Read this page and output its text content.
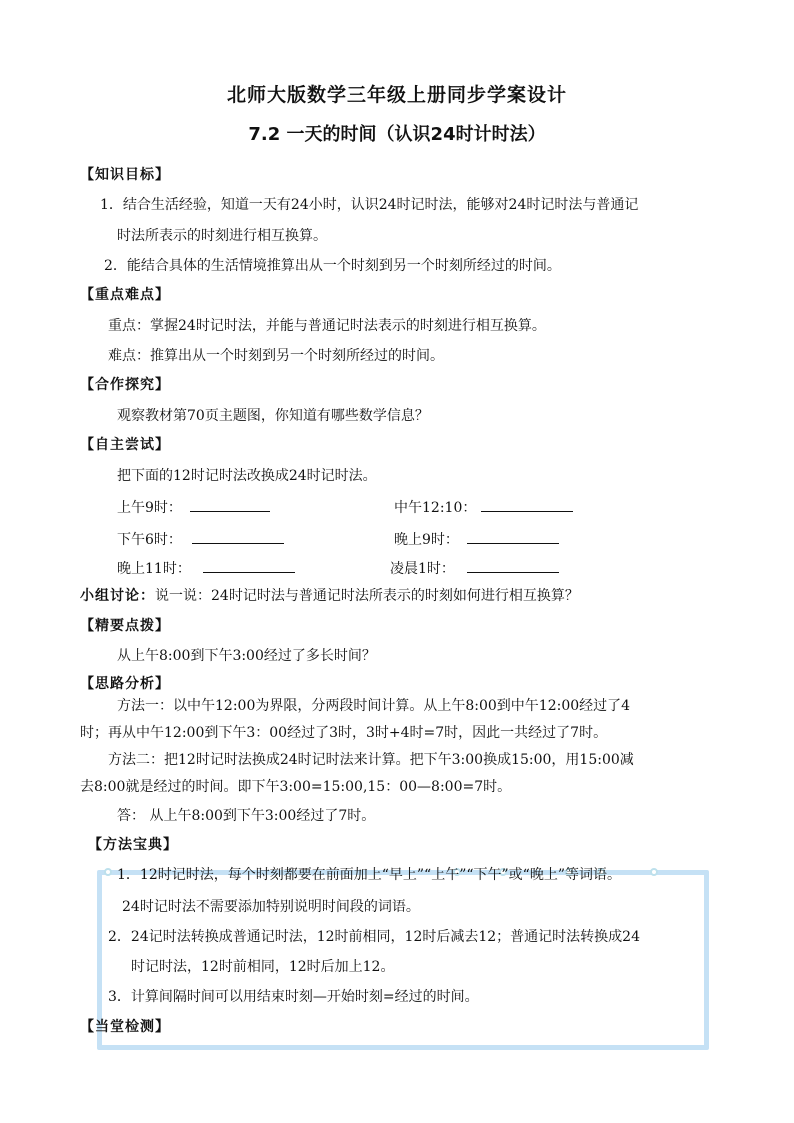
北师大版数学三年级上册同步学案设计
7.2 一天的时间（认识24时计时法）
【知识目标】
1．结合生活经验，知道一天有24小时，认识24时记时法，能够对24时记时法与普通记
时法所表示的时刻进行相互换算。
2．能结合具体的生活情境推算出从一个时刻到另一个时刻所经过的时间。
【重点难点】
重点：掌握24时记时法，并能与普通记时法表示的时刻进行相互换算。
难点：推算出从一个时刻到另一个时刻所经过的时间。
【合作探究】
观察教材第70页主题图，你知道有哪些数学信息？
【自主尝试】
把下面的12时记时法改换成24时记时法。
上午9时：	中午12:10：
下午6时：	晚上9时：
晚上11时：	凌晨1时：
小组讨论：说一说：24时记时法与普通记时法所表示的时刻如何进行相互换算？
【精要点拨】
从上午8:00到下午3:00经过了多长时间？
【思路分析】
方法一：以中午12:00为界限，分两段时间计算。从上午8:00到中午12:00经过了4
时；再从中午12:00到下午3：00经过了3时，3时+4时=7时，因此一共经过了7时。
方法二：把12时记时法换成24时记时法来计算。把下午3:00换成15:00，用15:00减
去8:00就是经过的时间。即下午3:00=15:00,15：00—8:00=7时。
答： 从上午8:00到下午3:00经过了7时。
【方法宝典】
1．12时记时法，每个时刻都要在前面加上“早上”“上午”“下午”或“晚上”等词语。
24时记时法不需要添加特别说明时间段的词语。
2．24记时法转换成普通记时法，12时前相同，12时后减去12；普通记时法转换成24
时记时法，12时前相同，12时后加上12。
3．计算间隔时间可以用结束时刻—开始时刻=经过的时间。
【当堂检测】
